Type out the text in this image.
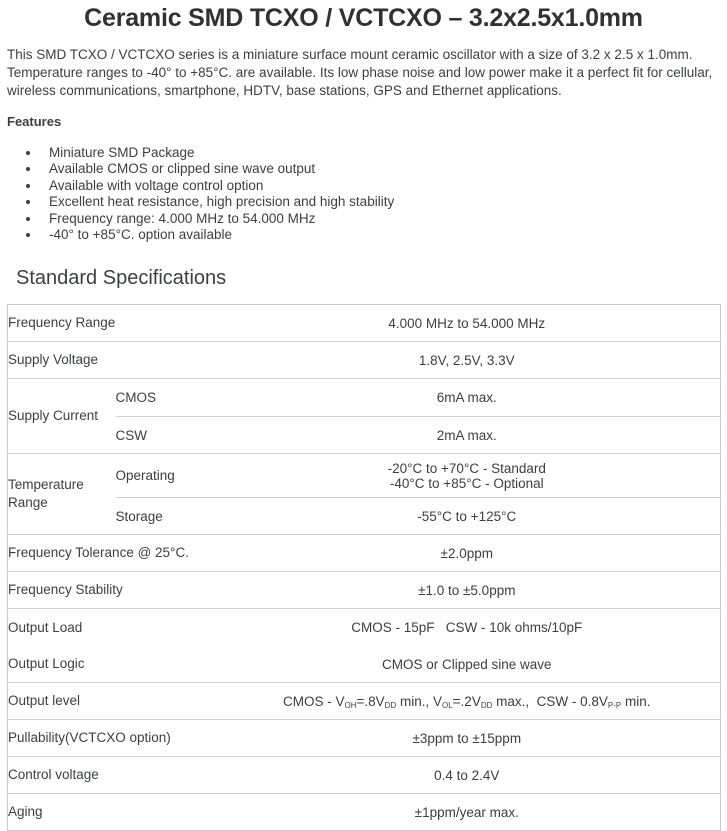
Ceramic SMD TCXO / VCTCXO – 3.2x2.5x1.0mm

This SMD TCXO / VCTCXO series is a miniature surface mount ceramic oscillator with a size of 3.2 x 2.5 x 1.0mm. Temperature ranges to -40° to +85°C. are available. Its low phase noise and low power make it a perfect fit for cellular, wireless communications, smartphone, HDTV, base stations, GPS and Ethernet applications.

Features
• Miniature SMD Package
• Available CMOS or clipped sine wave output
• Available with voltage control option
• Excellent heat resistance, high precision and high stability
• Frequency range: 4.000 MHz to 54.000 MHz
• -40° to +85°C. option available
Standard Specifications
Frequency Range		4.000 MHz to 54.000 MHz
Supply Voltage		1.8V, 2.5V, 3.3V
Supply Current	CMOS	6mA max.
	CSW	2mA max.
Temperature Range	Operating	-20°C to +70°C - Standard
-40°C to +85°C - Optional

	Storage	-55°C to +125°C
Frequency Tolerance @ 25°C.		±2.0ppm
Frequency Stability		±1.0 to ±5.0ppm
Output Load		CMOS - 15pF   CSW - 10k ohms/10pF
Output Logic		CMOS or Clipped sine wave
Output level		CMOS - $V_{OH}=.8V_{DD}$ min., $V_{OL}=.2V_{DD}$ max.,  CSW - $0.8V_{P-P}$ min.
Pullability(VCTCXO option)		±3ppm to ±15ppm
Control voltage		0.4 to 2.4V
Aging		±1ppm/year max.
